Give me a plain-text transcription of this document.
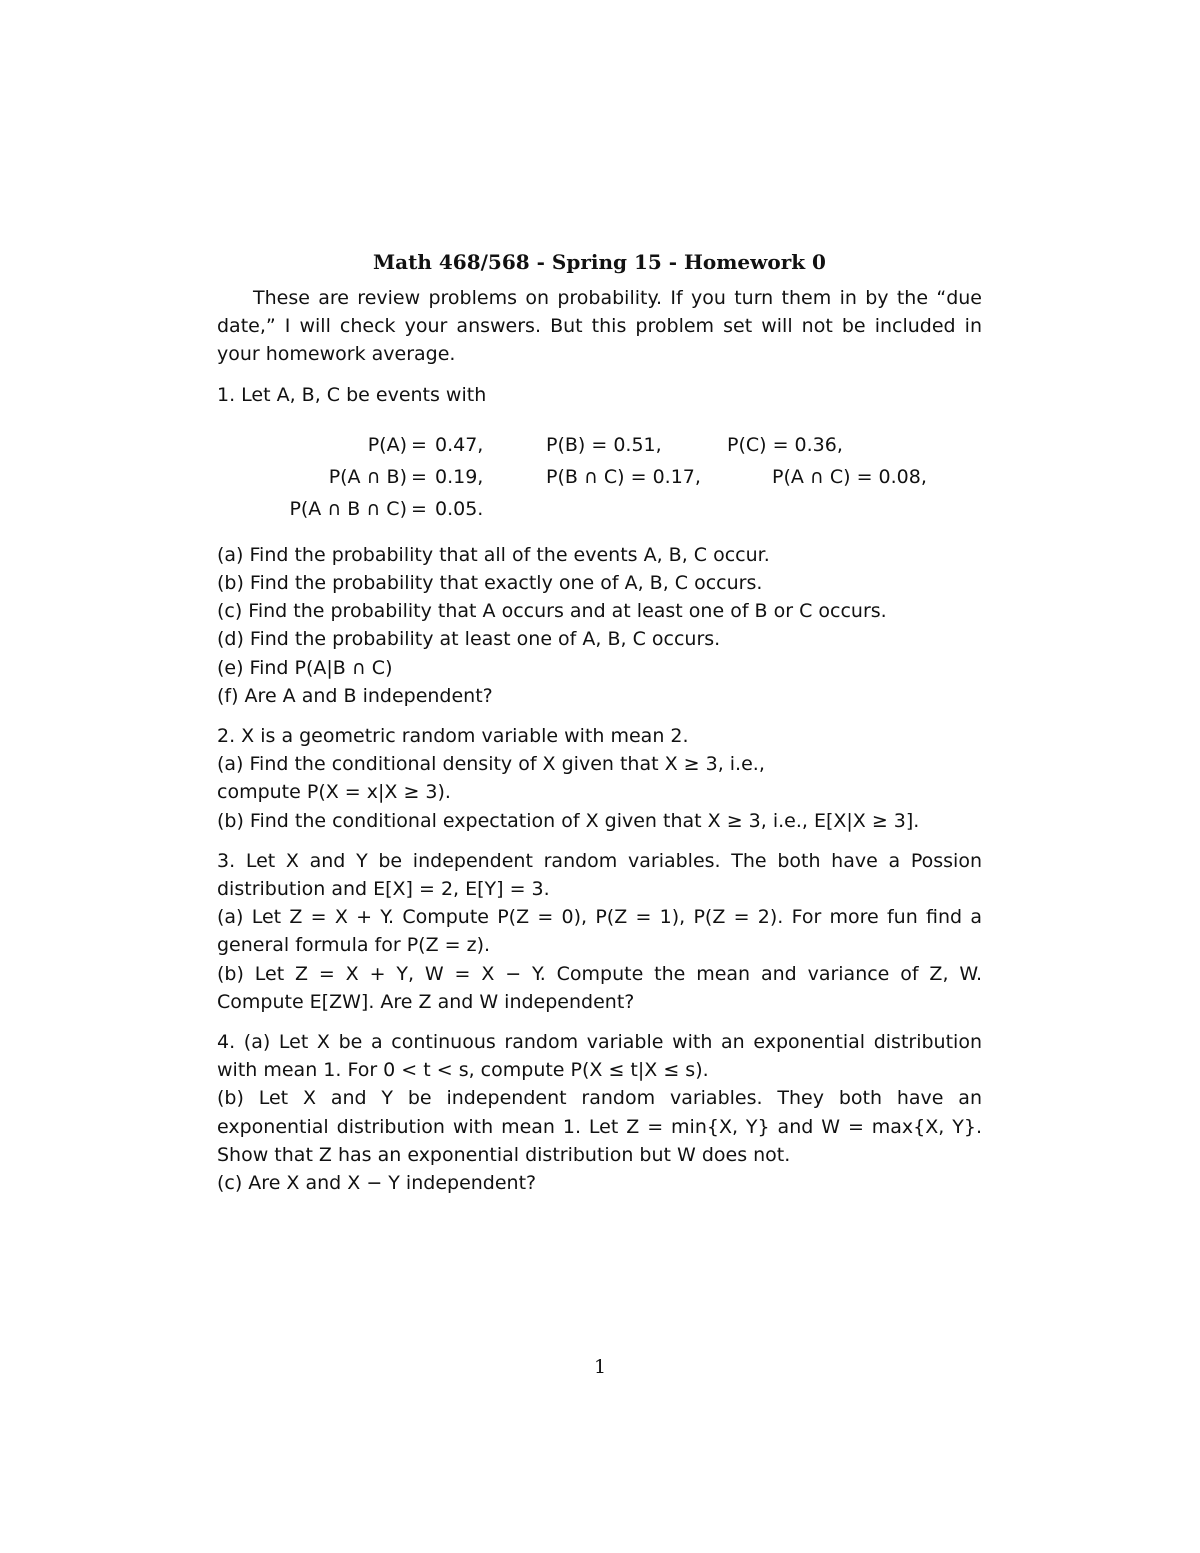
Math 468/568 - Spring 15 - Homework 0

These are review problems on probability. If you turn them in by the “due date,” I will check your answers. But this problem set will not be included in your homework average.

1. Let A, B, C be events with

P(A) = 0.47,	P(B) = 0.51,	P(C) = 0.36,
P(A ∩ B) = 0.19,	P(B ∩ C) = 0.17,	P(A ∩ C) = 0.08,
P(A ∩ B ∩ C) = 0.05.

(a) Find the probability that all of the events A, B, C occur.

(b) Find the probability that exactly one of A, B, C occurs.

(c) Find the probability that A occurs and at least one of B or C occurs.

(d) Find the probability at least one of A, B, C occurs.

(e) Find P(A|B ∩ C)

(f) Are A and B independent?

2. X is a geometric random variable with mean 2.

(a) Find the conditional density of X given that X ≥ 3, i.e.,

compute P(X = x|X ≥ 3).

(b) Find the conditional expectation of X given that X ≥ 3, i.e., E[X|X ≥ 3].

3. Let X and Y be independent random variables. The both have a Possion distribution and E[X] = 2, E[Y] = 3.

(a) Let Z = X + Y. Compute P(Z = 0), P(Z = 1), P(Z = 2). For more fun find a general formula for P(Z = z).

(b) Let Z = X + Y, W = X − Y. Compute the mean and variance of Z, W. Compute E[ZW]. Are Z and W independent?

4. (a) Let X be a continuous random variable with an exponential distribution with mean 1. For 0 < t < s, compute P(X ≤ t|X ≤ s).

(b) Let X and Y be independent random variables. They both have an exponential distribution with mean 1. Let Z = min{X, Y} and W = max{X, Y}. Show that Z has an exponential distribution but W does not.

(c) Are X and X − Y independent?

1
